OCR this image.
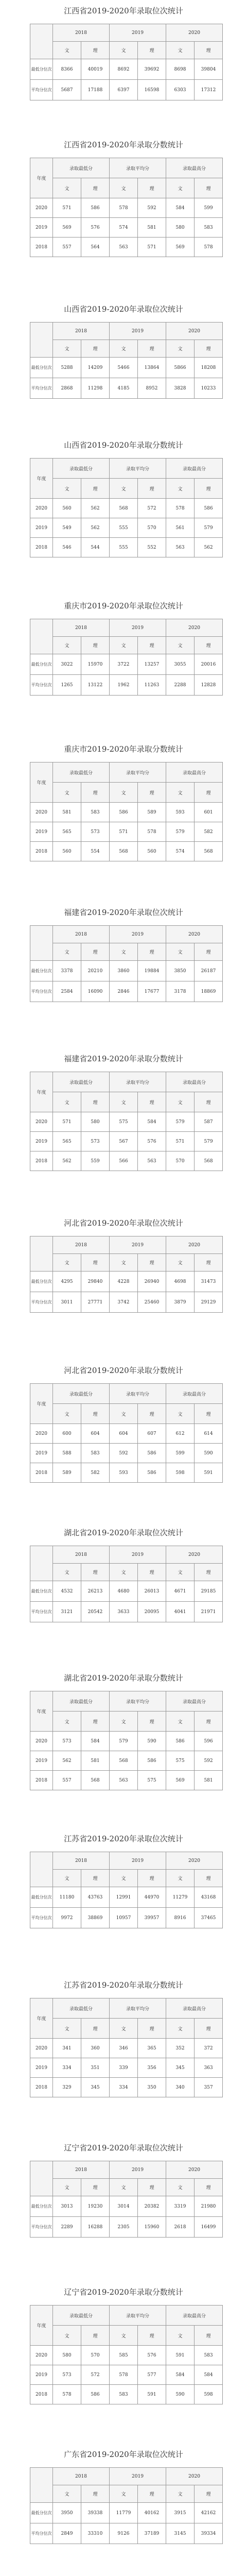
江西省2019-2020年录取位次统计
	2018		2019		2020	
	文	理	文	理	文	理
最低分位次	8366	40019	8692	39692	8698	39804
平均分位次	5687	17188	6397	16598	6303	17312
江西省2019-2020年录取分数统计
年度	录取最低分		录取平均分		录取最高分	
	文	理	文	理	文	理
2020	571	586	578	592	584	599
2019	569	576	574	581	580	583
2018	557	564	563	571	569	578
山西省2019-2020年录取位次统计
	2018		2019		2020	
	文	理	文	理	文	理
最低分位次	5288	14209	5466	13864	5866	18208
平均分位次	2868	11298	4185	8952	3828	10233
山西省2019-2020年录取分数统计
年度	录取最低分		录取平均分		录取最高分	
	文	理	文	理	文	理
2020	560	562	568	572	578	586
2019	549	562	555	570	561	579
2018	546	544	555	552	563	562
重庆市2019-2020年录取位次统计
	2018		2019		2020	
	文	理	文	理	文	理
最低分位次	3022	15970	3722	13257	3055	20016
平均分位次	1265	13122	1962	11263	2288	12828
重庆市2019-2020年录取分数统计
年度	录取最低分		录取平均分		录取最高分	
	文	理	文	理	文	理
2020	581	583	586	589	593	601
2019	565	573	571	578	579	582
2018	560	554	568	560	574	568
福建省2019-2020年录取位次统计
	2018		2019		2020	
	文	理	文	理	文	理
最低分位次	3378	20210	3860	19884	3850	26187
平均分位次	2584	16090	2846	17677	3178	18869
福建省2019-2020年录取分数统计
年度	录取最低分		录取平均分		录取最高分	
	文	理	文	理	文	理
2020	571	580	575	584	579	587
2019	565	573	567	576	571	579
2018	562	559	566	563	570	568
河北省2019-2020年录取位次统计
	2018		2019		2020	
	文	理	文	理	文	理
最低分位次	4295	29840	4228	26940	4698	31473
平均分位次	3011	27771	3742	25460	3879	29129
河北省2019-2020年录取分数统计
年度	录取最低分		录取平均分		录取最高分	
	文	理	文	理	文	理
2020	600	604	604	607	612	614
2019	588	583	592	586	599	590
2018	589	582	593	586	598	591
湖北省2019-2020年录取位次统计
	2018		2019		2020	
	文	理	文	理	文	理
最低分位次	4532	26213	4680	26013	4671	29185
平均分位次	3121	20542	3633	20095	4041	21971
湖北省2019-2020年录取分数统计
年度	录取最低分		录取平均分		录取最高分	
	文	理	文	理	文	理
2020	573	584	579	590	586	596
2019	562	581	568	586	575	592
2018	557	568	563	575	569	581
江苏省2019-2020年录取位次统计
	2018		2019		2020	
	文	理	文	理	文	理
最低分位次	11180	43763	12991	44970	11279	43168
平均分位次	9972	38869	10957	39957	8916	37465
江苏省2019-2020年录取分数统计
年度	录取最低分		录取平均分		录取最高分	
	文	理	文	理	文	理
2020	341	360	346	365	352	372
2019	334	351	339	356	345	363
2018	329	345	334	350	340	357
辽宁省2019-2020年录取位次统计
	2018		2019		2020	
	文	理	文	理	文	理
最低分位次	3013	19230	3014	20382	3319	21980
平均分位次	2289	16288	2305	15960	2618	16499
辽宁省2019-2020年录取分数统计
年度	录取最低分		录取平均分		录取最高分	
	文	理	文	理	文	理
2020	580	570	585	576	591	583
2019	573	572	578	577	584	584
2018	578	586	583	591	590	598
广东省2019-2020年录取位次统计
	2018		2019		2020	
	文	理	文	理	文	理
最低分位次	3950	39338	11779	40162	3915	42162
平均分位次	2849	33310	9126	37189	3145	39334
